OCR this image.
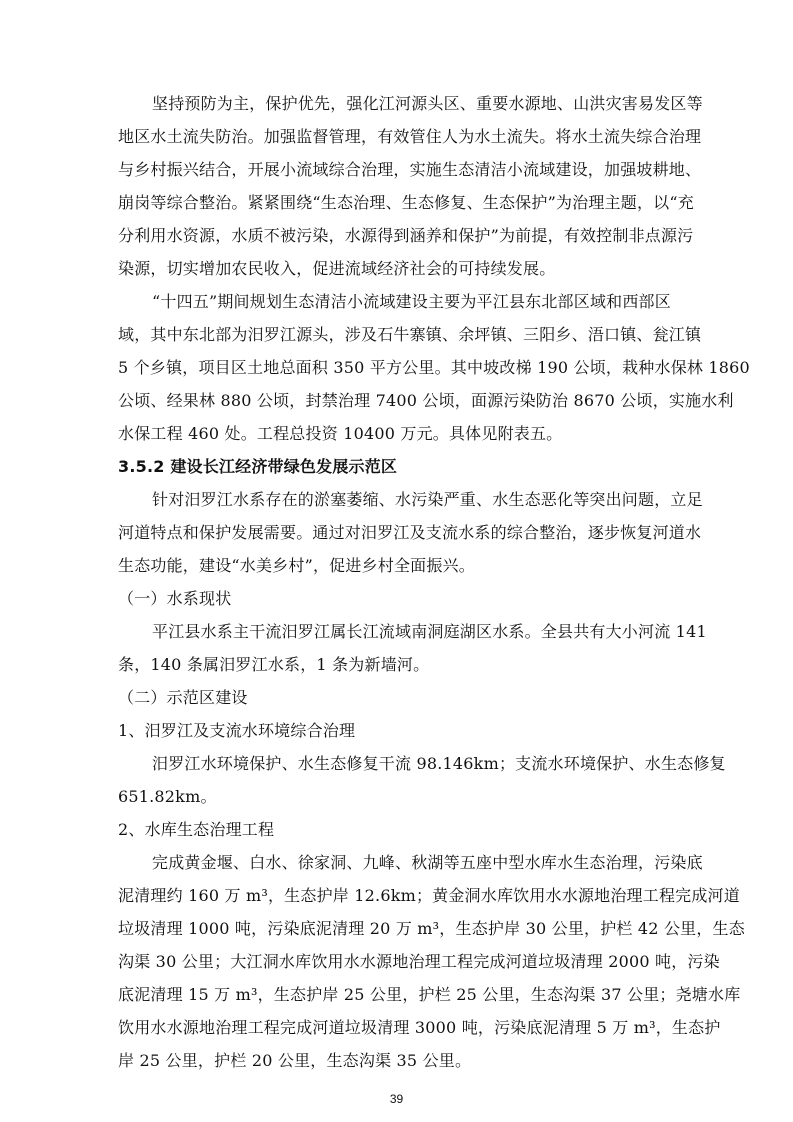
坚持预防为主，保护优先，强化江河源头区、重要水源地、山洪灾害易发区等
地区水土流失防治。加强监督管理，有效管住人为水土流失。将水土流失综合治理
与乡村振兴结合，开展小流域综合治理，实施生态清洁小流域建设，加强坡耕地、
崩岗等综合整治。紧紧围绕“生态治理、生态修复、生态保护”为治理主题，以“充
分利用水资源，水质不被污染，水源得到涵养和保护”为前提，有效控制非点源污
染源，切实增加农民收入，促进流域经济社会的可持续发展。
“十四五”期间规划生态清洁小流域建设主要为平江县东北部区域和西部区
域，其中东北部为汨罗江源头，涉及石牛寨镇、余坪镇、三阳乡、浯口镇、瓮江镇
5 个乡镇，项目区土地总面积 350 平方公里。其中坡改梯 190 公顷，栽种水保林 1860
公顷、经果林 880 公顷，封禁治理 7400 公顷，面源污染防治 8670 公顷，实施水利
水保工程 460 处。工程总投资 10400 万元。具体见附表五。
3.5.2 建设长江经济带绿色发展示范区
针对汨罗江水系存在的淤塞萎缩、水污染严重、水生态恶化等突出问题，立足
河道特点和保护发展需要。通过对汨罗江及支流水系的综合整治，逐步恢复河道水
生态功能，建设“水美乡村”，促进乡村全面振兴。
（一）水系现状
平江县水系主干流汨罗江属长江流域南洞庭湖区水系。全县共有大小河流 141
条，140 条属汨罗江水系，1 条为新墙河。
（二）示范区建设
1、汨罗江及支流水环境综合治理
汨罗江水环境保护、水生态修复干流 98.146km；支流水环境保护、水生态修复
651.82km。
2、水库生态治理工程
完成黄金堰、白水、徐家洞、九峰、秋湖等五座中型水库水生态治理，污染底
泥清理约 160 万 m³，生态护岸 12.6km；黄金洞水库饮用水水源地治理工程完成河道
垃圾清理 1000 吨，污染底泥清理 20 万 m³，生态护岸 30 公里，护栏 42 公里，生态
沟渠 30 公里；大江洞水库饮用水水源地治理工程完成河道垃圾清理 2000 吨，污染
底泥清理 15 万 m³，生态护岸 25 公里，护栏 25 公里，生态沟渠 37 公里；尧塘水库
饮用水水源地治理工程完成河道垃圾清理 3000 吨，污染底泥清理 5 万 m³，生态护
岸 25 公里，护栏 20 公里，生态沟渠 35 公里。
39
